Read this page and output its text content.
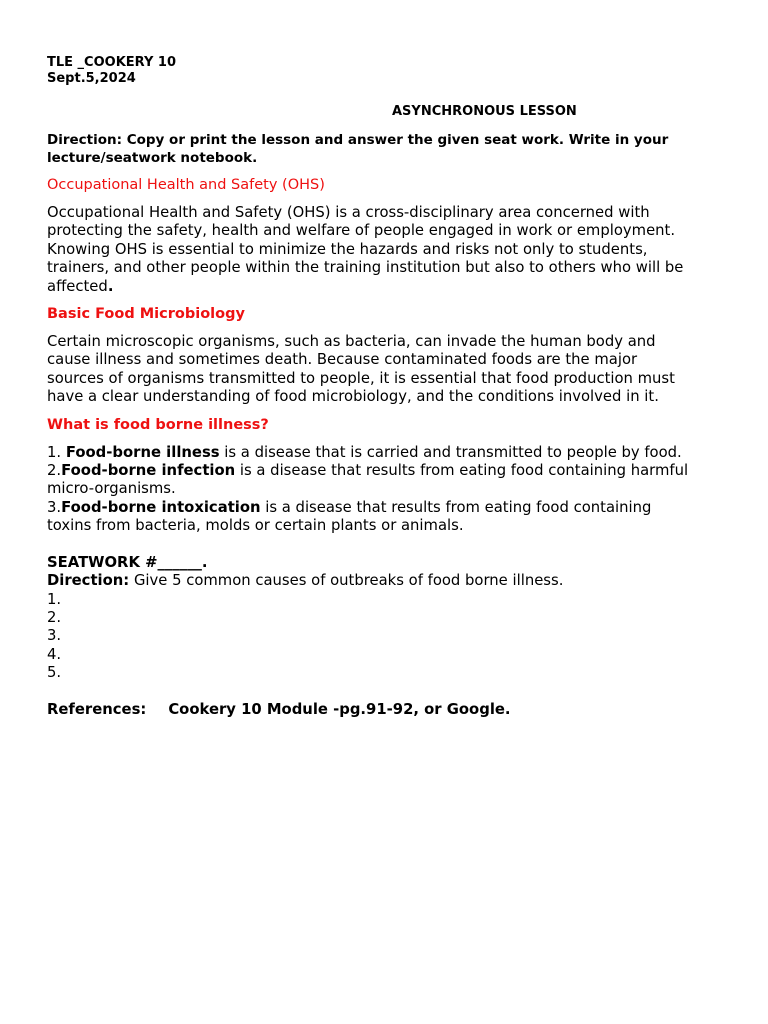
TLE _COOKERY 10
Sept.5,2024
ASYNCHRONOUS LESSON
Direction: Copy or print the lesson and answer the given seat work. Write in your
lecture/seatwork notebook.
Occupational Health and Safety (OHS)
Occupational Health and Safety (OHS) is a cross-disciplinary area concerned with
protecting the safety, health and welfare of people engaged in work or employment.
Knowing OHS is essential to minimize the hazards and risks not only to students,
trainers, and other people within the training institution but also to others who will be
affected.
Basic Food Microbiology
Certain microscopic organisms, such as bacteria, can invade the human body and
cause illness and sometimes death. Because contaminated foods are the major
sources of organisms transmitted to people, it is essential that food production must
have a clear understanding of food microbiology, and the conditions involved in it.
What is food borne illness?
1. Food-borne illness is a disease that is carried and transmitted to people by food.
2.Food-borne infection is a disease that results from eating food containing harmful
micro-organisms.
3.Food-borne intoxication is a disease that results from eating food containing
toxins from bacteria, molds or certain plants or animals.
SEATWORK #______.
Direction: Give 5 common causes of outbreaks of food borne illness.
1.
2.
3.
4.
5.
References: Cookery 10 Module -pg.91-92, or Google.
